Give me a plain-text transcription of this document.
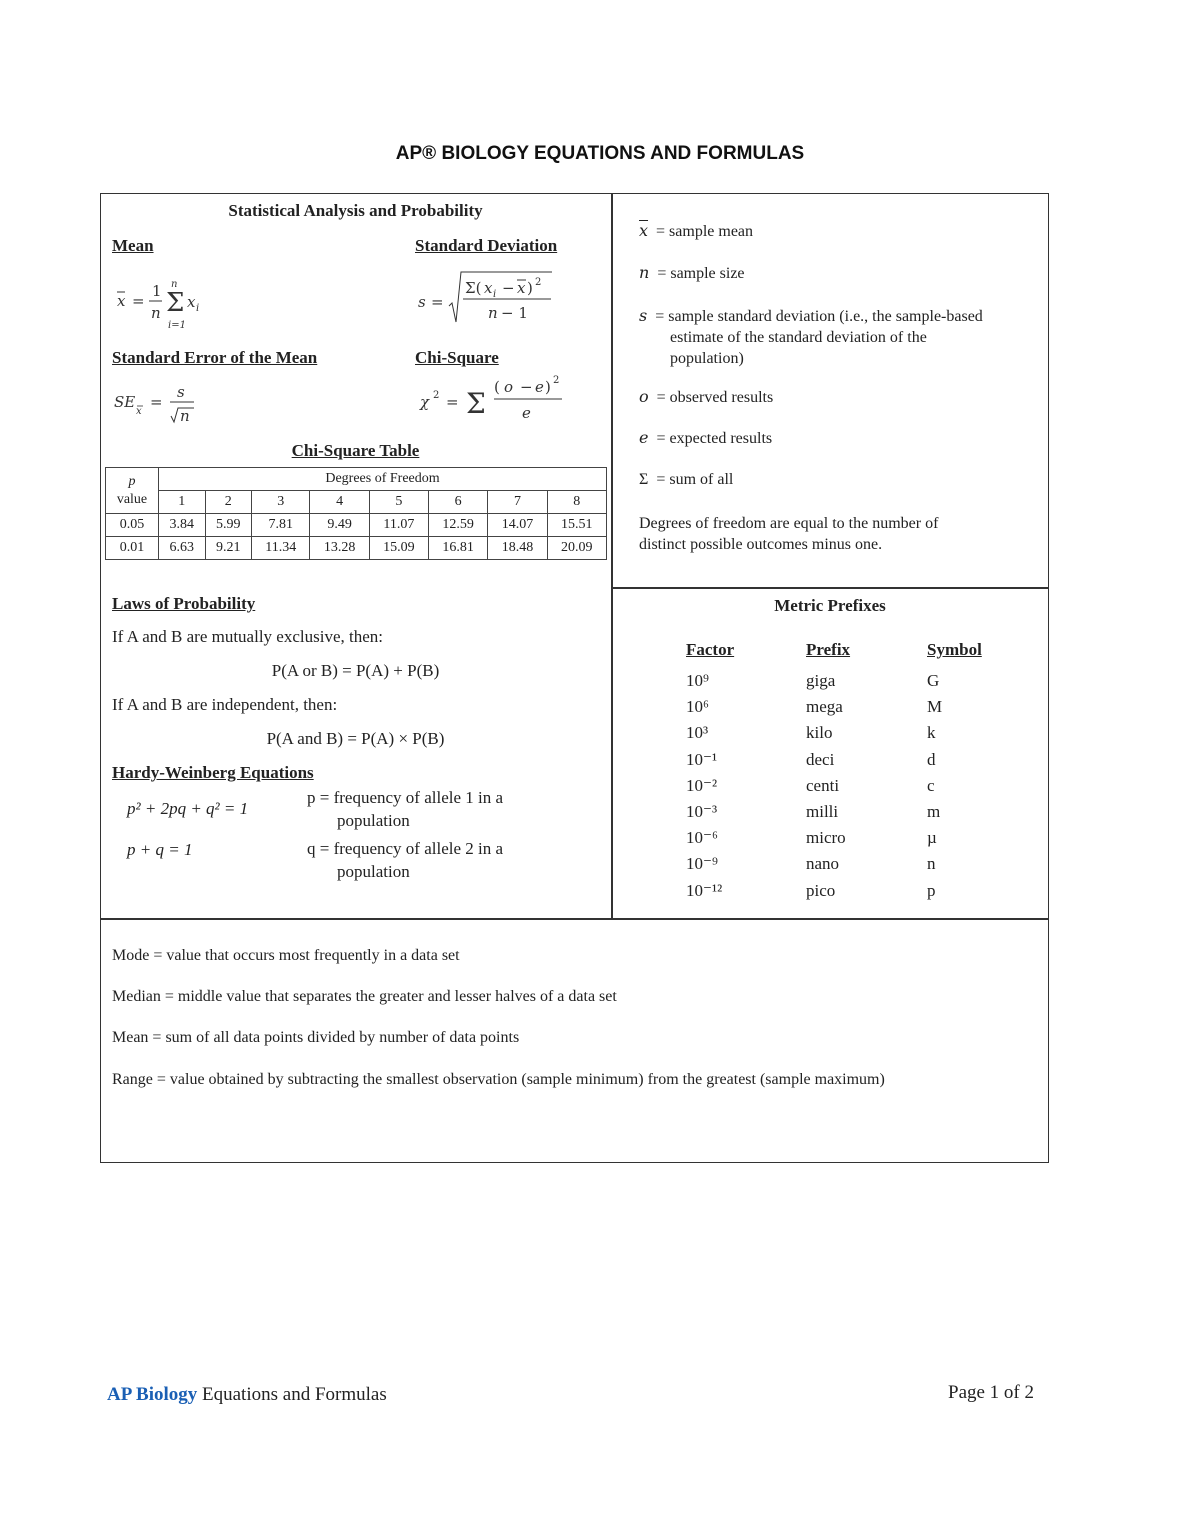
AP® BIOLOGY EQUATIONS AND FORMULAS
Statistical Analysis and Probability
Mean	Standard Deviation
x =
1
n Σ
n
i=1
x i	s =
Σ( x i − x ) 2
n − 1
Standard Error of the Mean	Chi-Square
SE
x
=
s
n
χ 2 = Σ ( o − e ) 2
e
Chi-Square Table
p
value	Degrees of Freedom							
	1	2	3	4	5	6	7	8
0.05	3.84	5.99	7.81	9.49	11.07	12.59	14.07	15.51
0.01	6.63	9.21	11.34	13.28	15.09	16.81	18.48	20.09
$\overline{x}$ = sample mean
n = sample size
s = sample standard deviation (i.e., the sample-based
estimate of the standard deviation of the
population)
o = observed results
e = expected results
Σ  = sum of all
Degrees of freedom are equal to the number of
distinct possible outcomes minus one.
Laws of Probability
If A and B are mutually exclusive, then:
P(A or B) = P(A) + P(B)
If A and B are independent, then:
P(A and B) = P(A) × P(B)
Hardy-Weinberg Equations
p² + 2pq + q² = 1
p + q = 1
p = frequency of allele 1 in a
population
q = frequency of allele 2 in a
population
Metric Prefixes
Factor	Prefix	Symbol
10⁹	giga	G
10⁶	mega	M
10³	kilo	k
10⁻¹	deci	d
10⁻²	centi	c
10⁻³	milli	m
10⁻⁶	micro	µ
10⁻⁹	nano	n
10⁻¹²	pico	p
Mode = value that occurs most frequently in a data set
Median = middle value that separates the greater and lesser halves of a data set
Mean = sum of all data points divided by number of data points
Range = value obtained by subtracting the smallest observation (sample minimum) from the greatest (sample maximum)
AP Biology Equations and Formulas	Page 1 of 2
